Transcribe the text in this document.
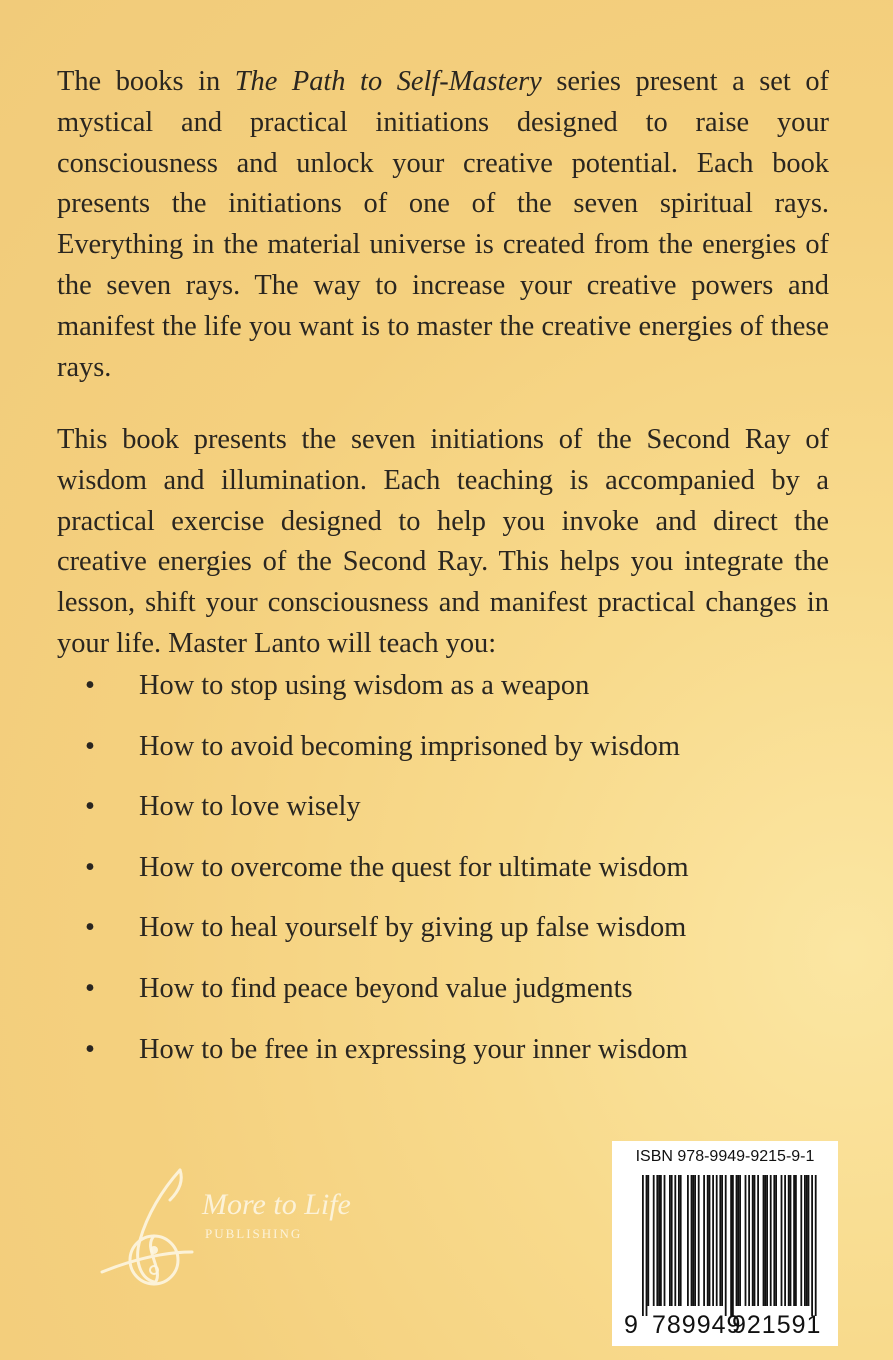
The books in The Path to Self-Mastery series present a set of mystical and practical initiations designed to raise your consciousness and unlock your creative potential. Each book presents the initiations of one of the seven spiritual rays. Everything in the material universe is created from the energies of the seven rays. The way to increase your creative powers and manifest the life you want is to master the creative energies of these rays.

This book presents the seven initiations of the Second Ray of wisdom and illumination. Each teaching is accompanied by a practical exercise designed to help you invoke and direct the creative energies of the Second Ray. This helps you integrate the lesson, shift your consciousness and manifest practical changes in your life. Master Lanto will teach you:

• How to stop using wisdom as a weapon
• How to avoid becoming imprisoned by wisdom
• How to love wisely
• How to overcome the quest for ultimate wisdom
• How to heal yourself by giving up false wisdom
• How to find peace beyond value judgments
• How to be free in expressing your inner wisdom
More to Life
PUBLISHING
ISBN 978-9949-9215-9-1
9 789949
921591
